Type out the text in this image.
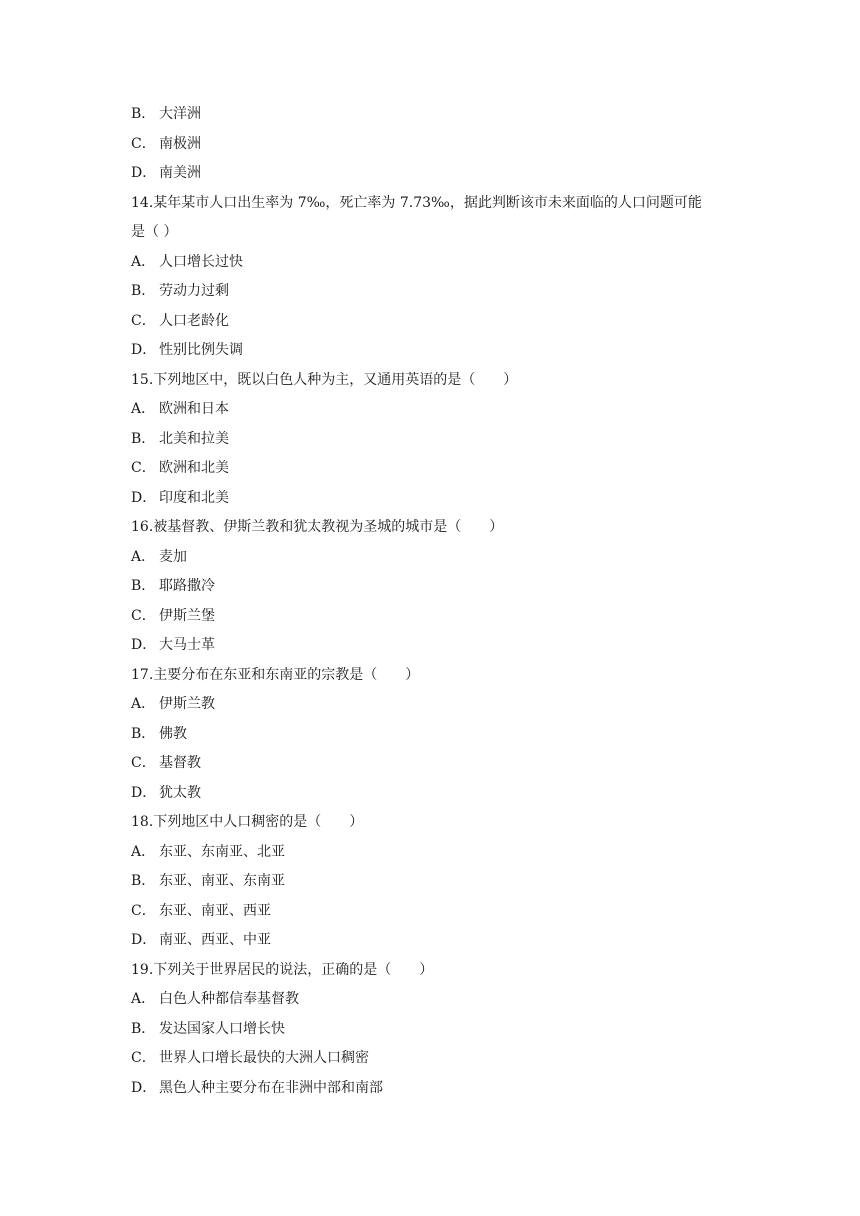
B． 大洋洲
C． 南极洲
D． 南美洲
14.某年某市人口出生率为 7‰，死亡率为 7.73‰，据此判断该市未来面临的人口问题可能
是（ ）
A． 人口增长过快
B． 劳动力过剩
C． 人口老龄化
D． 性别比例失调
15.下列地区中，既以白色人种为主，又通用英语的是（　　）
A． 欧洲和日本
B． 北美和拉美
C． 欧洲和北美
D． 印度和北美
16.被基督教、伊斯兰教和犹太教视为圣城的城市是（　　）
A． 麦加
B． 耶路撒冷
C． 伊斯兰堡
D． 大马士革
17.主要分布在东亚和东南亚的宗教是（　　）
A． 伊斯兰教
B． 佛教
C． 基督教
D． 犹太教
18.下列地区中人口稠密的是（　　）
A． 东亚、东南亚、北亚
B． 东亚、南亚、东南亚
C． 东亚、南亚、西亚
D． 南亚、西亚、中亚
19.下列关于世界居民的说法，正确的是（　　）
A． 白色人种都信奉基督教
B． 发达国家人口增长快
C． 世界人口增长最快的大洲人口稠密
D． 黑色人种主要分布在非洲中部和南部
